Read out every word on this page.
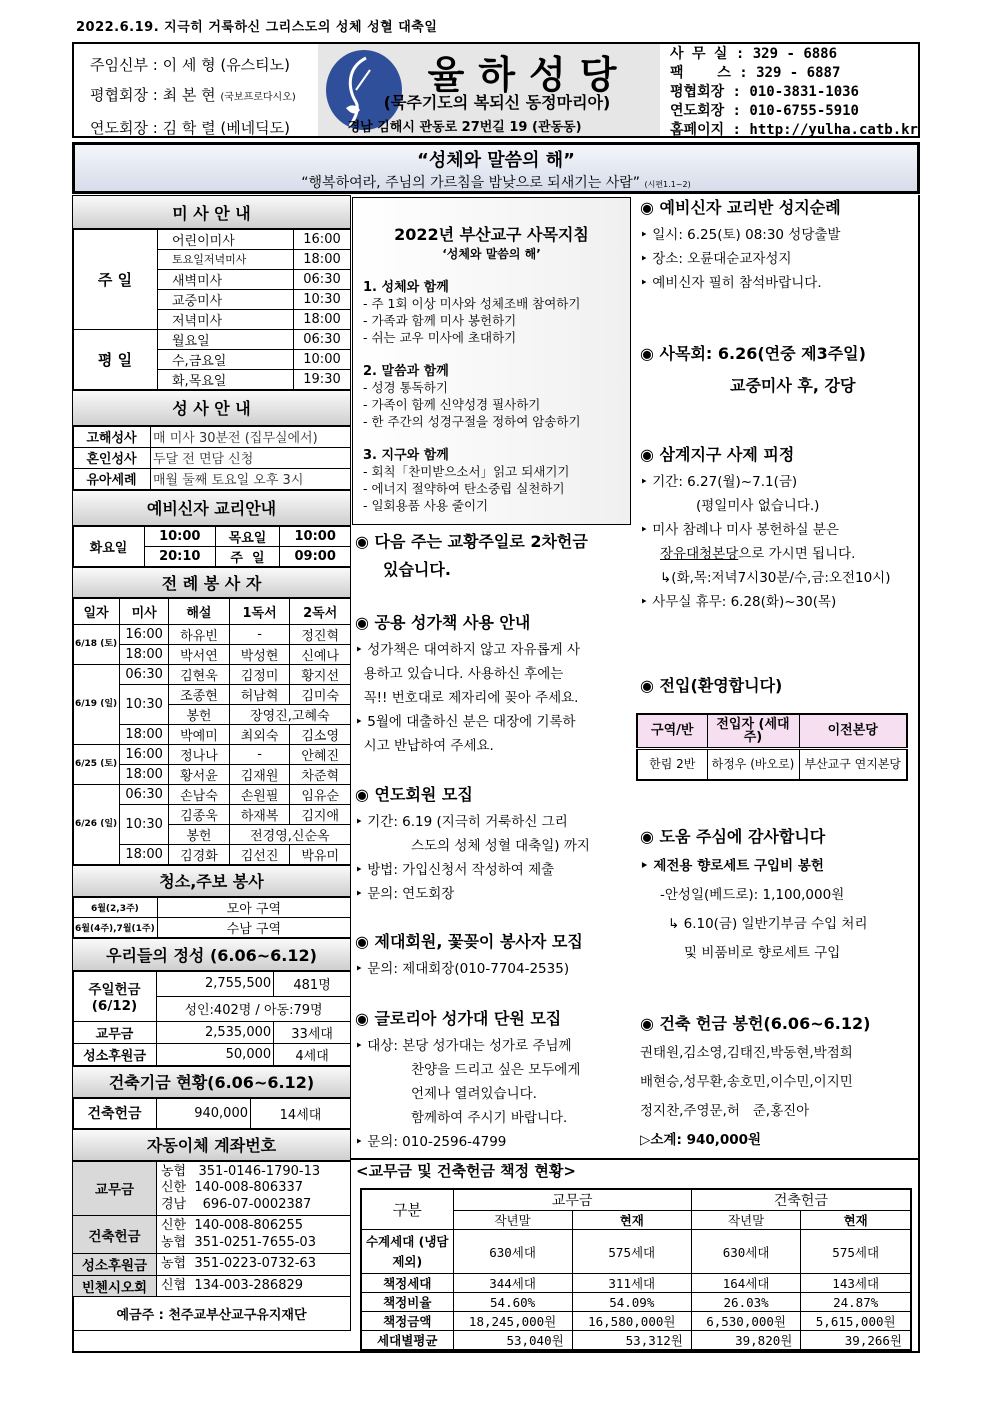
2022.6.19. 지극히 거룩하신 그리스도의 성체 성혈 대축일
주임신부 : 이 세 형 (유스티노)
평협회장 : 최 본 현 (국보프로다시오)
연도회장 : 김 학 렬 (베네딕도)
율하성당
(묵주기도의 복되신 동정마리아)
경남 김해시 관동로 27번길 19 (관동동)
사 무 실 : 329 - 6886
팩    스 : 329 - 6887
평협회장 : 010-3831-1036
연도회장 : 010-6755-5910
홈페이지 : http://yulha.catb.kr
“성체와 말씀의 해”
“행복하여라, 주님의 가르침을 밤낮으로 되새기는 사람” (시편1.1~2)
미 사 안 내
주 일	어린이미사	16:00
	토요일저녁미사	18:00
	새벽미사	06:30
	교중미사	10:30
	저녁미사	18:00
평 일	월요일	06:30
	수,금요일	10:00
	화,목요일	19:30
성 사 안 내
고해성사	매 미사 30분전 (집무실에서)
혼인성사	두달 전 면담 신청
유아세례	매월 둘째 토요일 오후 3시
예비신자 교리안내
화요일	10:00	목요일	10:00
	20:10	주  일	09:00
전 례 봉 사 자
일자	미사	해설	1독서	2독서
6/18 (토)	16:00	하유빈	-	정진혁
	18:00	박서연	박성현	신예나
6/19 (일)	06:30	김현욱	김정미	황지선
	10:30	조종현	허남혁	김미숙
		봉헌	장영진,고혜숙	
	18:00	박예미	최외숙	김소영
6/25 (토)	16:00	정나나	-	안혜진
	18:00	황서윤	김재원	차준혁
6/26 (일)	06:30	손남숙	손원필	임유순
	10:30	김종욱	하재복	김지애
		봉헌	전경영,신순옥	
	18:00	김경화	김선진	박유미
청소,주보 봉사
6월(2,3주)	모아 구역
6월(4주),7월(1주)	수남 구역
우리들의 정성 (6.06~6.12)
주일헌금 (6/12)	2,755,500	481명
	성인:402명 / 아동:79명	
교무금	2,535,000	33세대
성소후원금	50,000	4세대
건축기금 현황(6.06~6.12)
건축헌금	940,000	14세대
자동이체 계좌번호
교무금	농협   351-0146-1790-13
신한  140-008-806337
경남    696-07-0002387

건축헌금	신한  140-008-806255
농협  351-0251-7655-03

성소후원금	농협  351-0223-0732-63

빈첸시오회	신협  134-003-286829

예금주 : 천주교부산교구유지재단	
2022년 부산교구 사목지침
‘성체와 말씀의 해’
1. 성체와 함께
- 주 1회 이상 미사와 성체조배 참여하기
- 가족과 함께 미사 봉헌하기
- 쉬는 교우 미사에 초대하기
2. 말씀과 함께
- 성경 통독하기
- 가족이 함께 신약성경 필사하기
- 한 주간의 성경구절을 정하여 암송하기
3. 지구와 함께
- 회칙「찬미받으소서」읽고 되새기기
- 에너지 절약하여 탄소중립 실천하기
- 일회용품 사용 줄이기
◉ 다음 주는 교황주일로 2차헌금
있습니다.
◉ 공용 성가책 사용 안내
‣ 성가책은 대여하지 않고 자유롭게 사
용하고 있습니다. 사용하신 후에는
꼭!! 번호대로 제자리에 꽂아 주세요.
‣ 5월에 대출하신 분은 대장에 기록하
시고 반납하여 주세요.
◉ 연도회원 모집
‣ 기간: 6.19 (지극히 거룩하신 그리
스도의 성체 성혈 대축일) 까지
‣ 방법: 가입신청서 작성하여 제출
‣ 문의: 연도회장
◉ 제대회원, 꽃꽂이 봉사자 모집
‣ 문의: 제대회장(010-7704-2535)
◉ 글로리아 성가대 단원 모집
‣ 대상: 본당 성가대는 성가로 주님께
찬양을 드리고 싶은 모두에게
언제나 열려있습니다.
함께하여 주시기 바랍니다.
‣ 문의: 010-2596-4799
◉ 예비신자 교리반 성지순례
‣ 일시: 6.25(토) 08:30 성당출발
‣ 장소: 오륜대순교자성지
‣ 예비신자 필히 참석바랍니다.
◉ 사목회: 6.26(연중 제3주일)
교중미사 후, 강당
◉ 삼계지구 사제 피정
‣ 기간: 6.27(월)~7.1(금)
(평일미사 없습니다.)
‣ 미사 참례나 미사 봉헌하실 분은
장유대청본당으로 가시면 됩니다.
↳(화,목:저녁7시30분/수,금:오전10시)
‣ 사무실 휴무: 6.28(화)~30(목)
◉ 전입(환영합니다)
◉ 도움 주심에 감사합니다
‣ 제전용 향로세트 구입비 봉헌
-안성일(베드로): 1,100,000원
↳ 6.10(금) 일반기부금 수입 처리
및 비품비로 향로세트 구입
◉ 건축 헌금 봉헌(6.06~6.12)
권태원,김소영,김태진,박동현,박점희
배현승,성무환,송호민,이수민,이지민
정지찬,주영문,허   준,홍진아
▷소계: 940,000원
구역/반	전입자 (세대주)	이전본당
한림 2반	하정우 (바오로)	부산교구 연지본당
<교무금 및 건축헌금 책정 현황>
구분	교무금		건축헌금	
	작년말	현재	작년말	현재
수계세대 (냉담제외)	630세대	575세대	630세대	575세대
책정세대	344세대	311세대	164세대	143세대
책정비율	54.60%	54.09%	26.03%	24.87%
책정금액	18,245,000원	16,580,000원	6,530,000원	5,615,000원
세대별평균	53,040원	53,312원	39,820원	39,266원
